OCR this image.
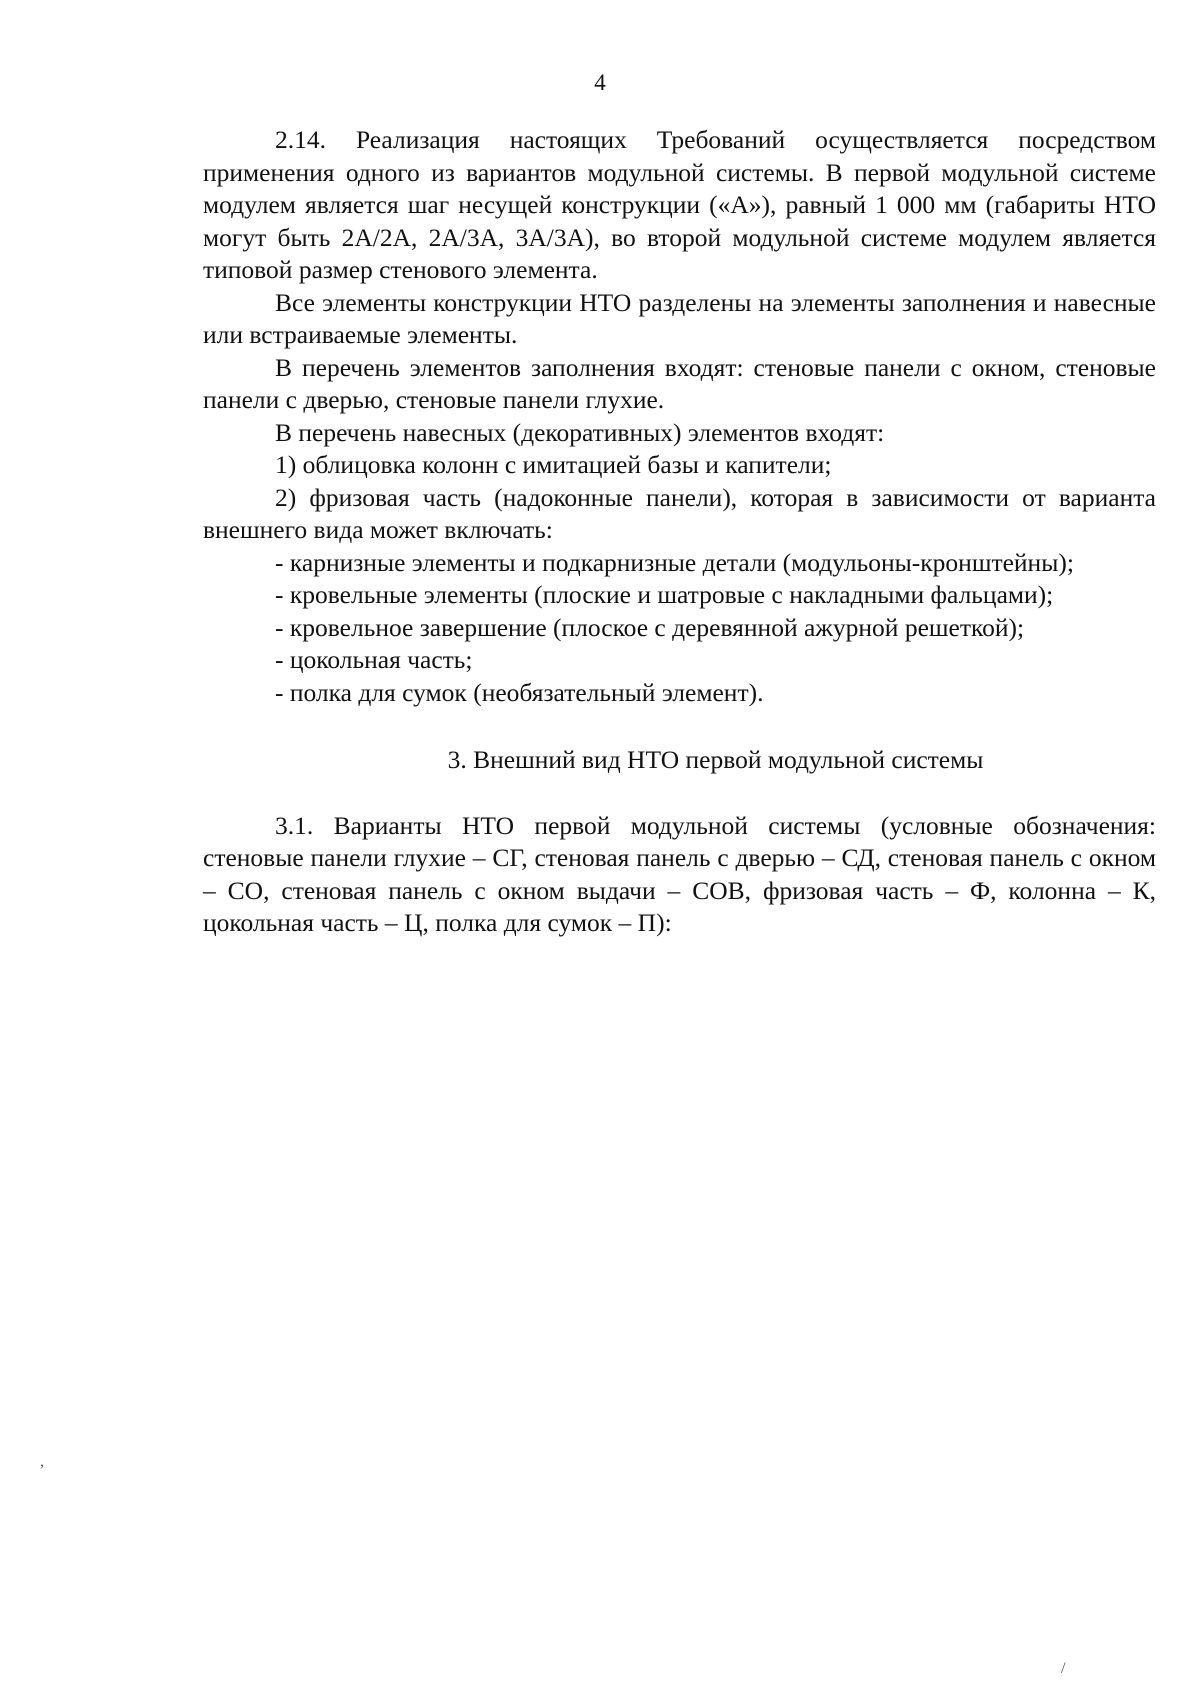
4

2.14. Реализация настоящих Требований осуществляется посредством применения одного из вариантов модульной системы. В первой модульной системе модулем является шаг несущей конструкции («А»), равный 1 000 мм (габариты НТО могут быть 2А/2А, 2А/3А, 3А/3А), во второй модульной системе модулем является типовой размер стенового элемента.

Все элементы конструкции НТО разделены на элементы заполнения и навесные или встраиваемые элементы.

В перечень элементов заполнения входят: стеновые панели с окном, стеновые панели с дверью, стеновые панели глухие.

В перечень навесных (декоративных) элементов входят:

1) облицовка колонн с имитацией базы и капители;

2) фризовая часть (надоконные панели), которая в зависимости от варианта внешнего вида может включать:

- карнизные элементы и подкарнизные детали (модульоны-кронштейны);

- кровельные элементы (плоские и шатровые с накладными фальцами);

- кровельное завершение (плоское с деревянной ажурной решеткой);

- цокольная часть;

- полка для сумок (необязательный элемент).

3. Внешний вид НТО первой модульной системы

3.1. Варианты НТО первой модульной системы (условные обозначения: стеновые панели глухие – СГ, стеновая панель с дверью – СД, стеновая панель с окном – СО, стеновая панель с окном выдачи – СОВ, фризовая часть – Ф, колонна – К, цокольная часть – Ц, полка для сумок – П):

,
/
